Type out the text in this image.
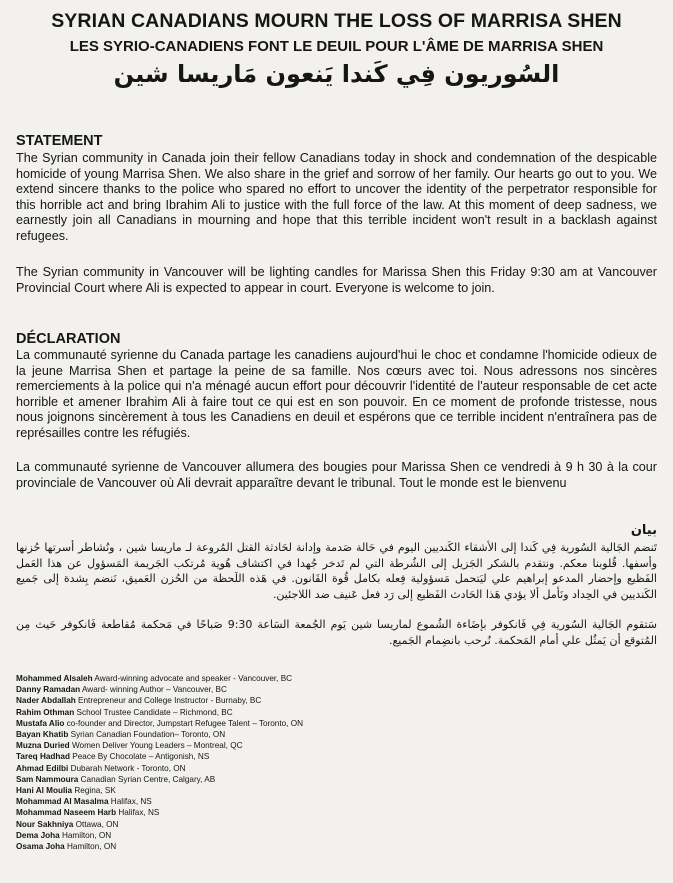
SYRIAN CANADIANS MOURN THE LOSS OF MARRISA SHEN
LES SYRIO-CANADIENS FONT LE DEUIL POUR L'ÂME DE MARRISA SHEN
السُوريون فِي كَندا يَنعون مَاريسا شين
STATEMENT

The Syrian community in Canada join their fellow Canadians today in shock and condemnation of the despicable homicide of young Marrisa Shen. We also share in the grief and sorrow of her family. Our hearts go out to you. We extend sincere thanks to the police who spared no effort to uncover the identity of the perpetrator responsible for this horrible act and bring Ibrahim Ali to justice with the full force of the law. At this moment of deep sadness, we earnestly join all Canadians in mourning and hope that this terrible incident won't result in a backlash against refugees.

The Syrian community in Vancouver will be lighting candles for Marissa Shen this Friday 9:30 am at Vancouver Provincial Court where Ali is expected to appear in court. Everyone is welcome to join.

DÉCLARATION

La communauté syrienne du Canada partage les canadiens aujourd'hui le choc et condamne l'homicide odieux de la jeune Marrisa Shen et partage la peine de sa famille. Nos cœurs avec toi. Nous adressons nos sincères remerciements à la police qui n'a ménagé aucun effort pour découvrir l'identité de l'auteur responsable de cet acte horrible et amener Ibrahim Ali à faire tout ce qui est en son pouvoir. En ce moment de profonde tristesse, nous nous joignons sincèrement à tous les Canadiens en deuil et espérons que ce terrible incident n'entraînera pas de représailles contre les réfugiés.

La communauté syrienne de Vancouver allumera des bougies pour Marissa Shen ce vendredi à 9 h 30 à la cour provinciale de Vancouver où Ali devrait apparaître devant le tribunal. Tout le monde est le bienvenu

بيان
تَنضم الجَالية السُورية فِي كَندا إلى الأشقاء الكَنديين اليوم في حَالة صَدمة وإدانة لحَادثة القتل المُروعة لـ ماريسا شين ، ونُشاطر أسرتها حُزنها وأسفها. قُلوبنا معكم. ونتقدم بالشكر الجَزيل إلى الشُرطة التي لم تَدخر جُهدا في اكتشاف هُوية مُرتكب الجَريمة المَسؤول عن هذا العَمل الفَظيع وإحضار المدعو إبراهيم علي ليَتحمل مَسؤولية فِعله بكامل قُوة القَانون. في هَذه اللَحظة من الحُزن العَميق، نَنضم بِشدة إلى جَميع الكَنديين في الحِداد ونَأمل ألا يؤدي هَذا الحَادث الفَظيع إلى رَد فعل عَنيف ضد اللاجئين.
سَتقوم الجَالية السُورية فِي فَانكوفر بإضَاءة الشُموع لماريسا شين يَوم الجُمعة السَاعة 9:30 صَباحًا في مَحكمة مُقاطعة فَانكوفر حَيث مِن المُتوقع أن يَمثُل علي أمام المَحكمة. نُرحب بانضِمام الجَميع.
Mohammed Alsaleh Award-winning advocate and speaker - Vancouver, BC
Danny Ramadan Award- winning Author – Vancouver, BC
Nader Abdallah Entrepreneur and College Instructor - Burnaby, BC
Rahim Othman School Trustee Candidate – Richmond, BC
Mustafa Alio co-founder and Director, Jumpstart Refugee Talent – Toronto, ON
Bayan Khatib Syrian Canadian Foundation– Toronto, ON
Muzna Duried Women Deliver Young Leaders – Montreal, QC
Tareq Hadhad Peace By Chocolate – Antigonish, NS
Ahmad Edilbi Dubarah Network - Toronto, ON
Sam Nammoura Canadian Syrian Centre, Calgary, AB
Hani Al Moulia Regina, SK
Mohammad Al Masalma Halifax, NS
Mohammad Naseem Harb Halifax, NS
Nour Sakhniya Ottawa, ON
Dema Joha Hamilton, ON
Osama Joha Hamilton, ON
